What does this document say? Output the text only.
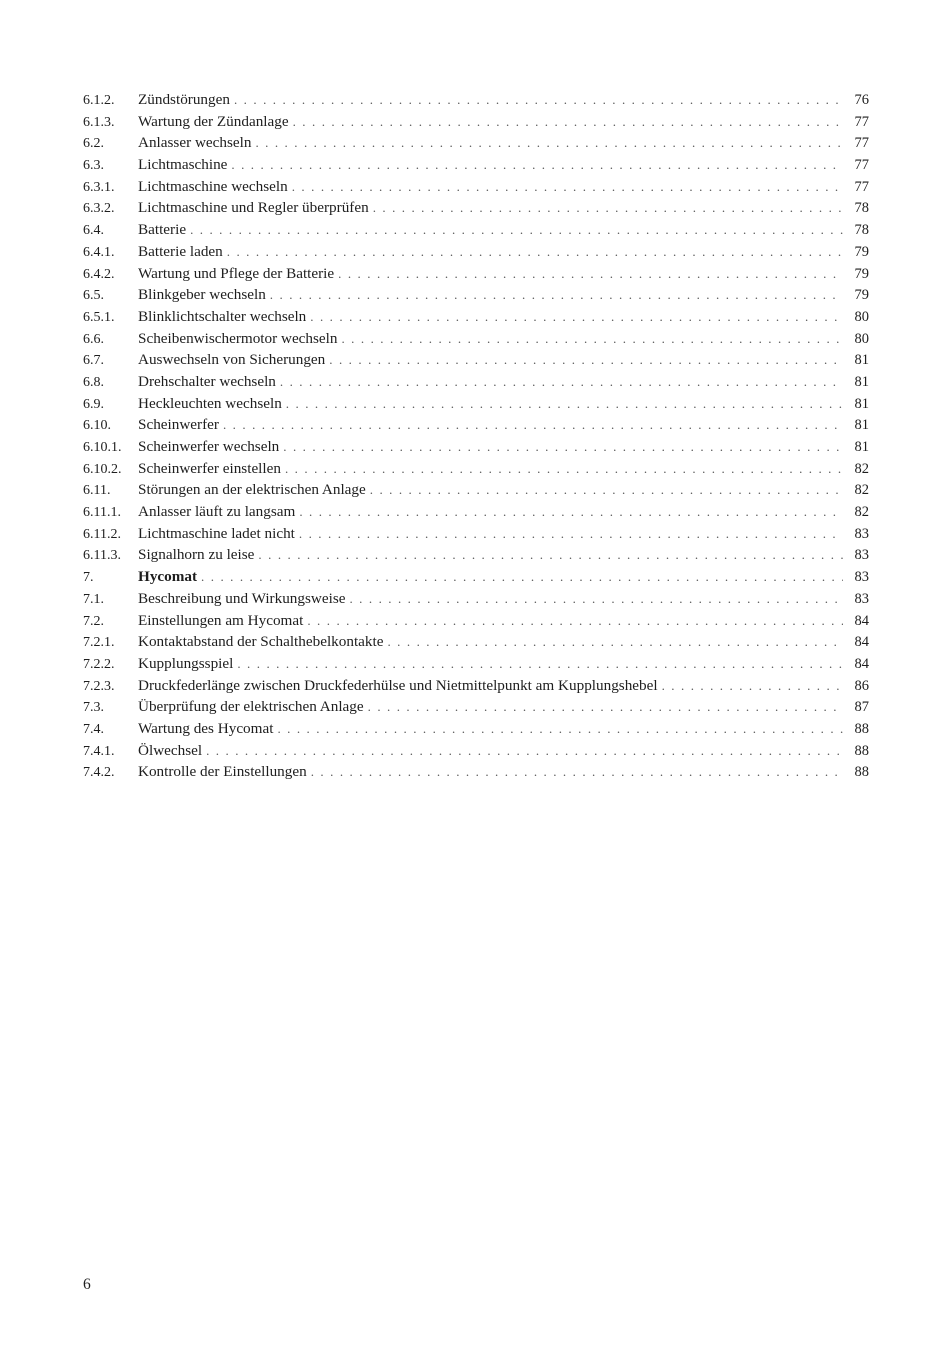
6.1.2.	Zündstörungen . . .	76
6.1.3.	Wartung der Zündanlage . . .	77
6.2.	Anlasser wechseln . . .	77
6.3.	Lichtmaschine . . .	77
6.3.1.	Lichtmaschine wechseln . . .	77
6.3.2.	Lichtmaschine und Regler überprüfen . . .	78
6.4.	Batterie . . .	78
6.4.1.	Batterie laden . . .	79
6.4.2.	Wartung und Pflege der Batterie . . .	79
6.5.	Blinkgeber wechseln . . .	79
6.5.1.	Blinklichtschalter wechseln . . .	80
6.6.	Scheibenwischermotor wechseln . . .	80
6.7.	Auswechseln von Sicherungen . . .	81
6.8.	Drehschalter wechseln . . .	81
6.9.	Heckleuchten wechseln . . .	81
6.10.	Scheinwerfer . . .	81
6.10.1.	Scheinwerfer wechseln . . .	81
6.10.2.	Scheinwerfer einstellen . . .	82
6.11.	Störungen an der elektrischen Anlage . . .	82
6.11.1.	Anlasser läuft zu langsam . . .	82
6.11.2.	Lichtmaschine ladet nicht . . .	83
6.11.3.	Signalhorn zu leise . . .	83
7.	Hycomat . . .	83
7.1.	Beschreibung und Wirkungsweise . . .	83
7.2.	Einstellungen am Hycomat . . .	84
7.2.1.	Kontaktabstand der Schalthebelkontakte . . .	84
7.2.2.	Kupplungsspiel . . .	84
7.2.3.	Druckfederlänge zwischen Druckfederhülse und Nietmittelpunkt am Kupplungshebel . . .	86
7.3.	Überprüfung der elektrischen Anlage . . .	87
7.4.	Wartung des Hycomat . . .	88
7.4.1.	Ölwechsel . . .	88
7.4.2.	Kontrolle der Einstellungen . . .	88
6
